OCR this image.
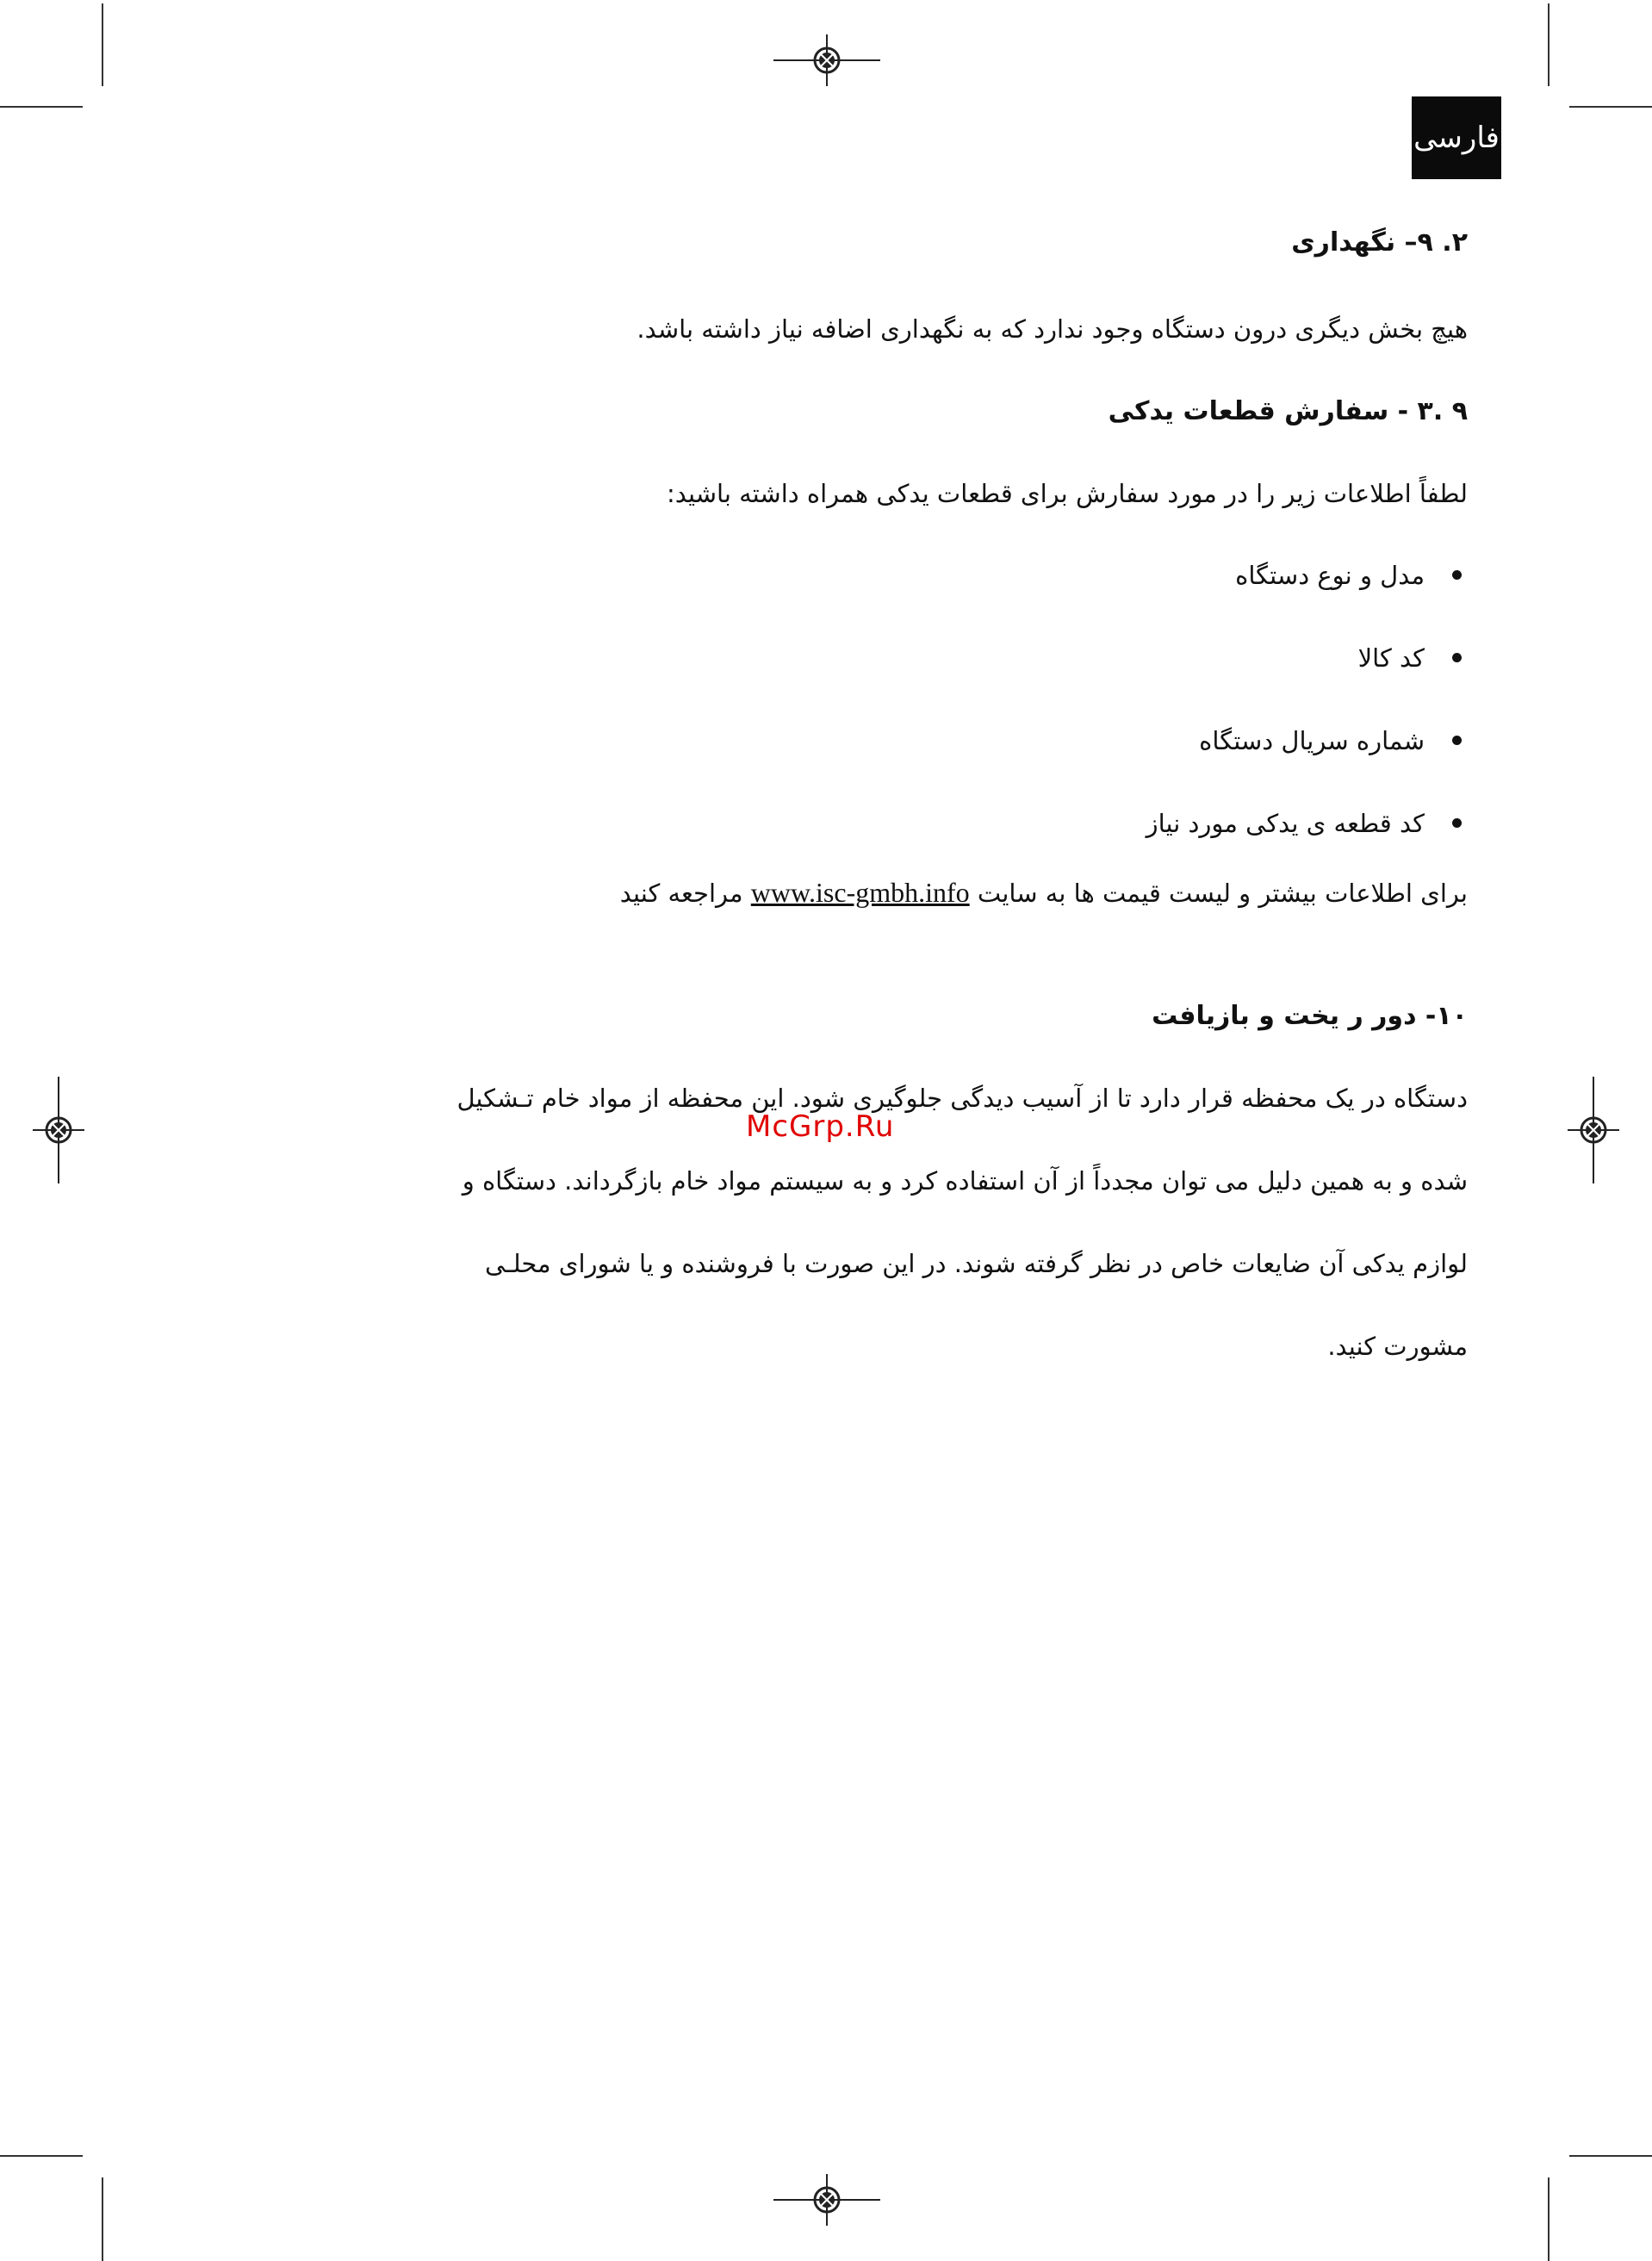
فارسی
۲. ۹– نگهداری
هیچ بخش دیگری درون دستگاه وجود ندارد که به نگهداری اضافه نیاز داشته باشد.
۹ .۳ - سفارش قطعات یدکی
لطفاً اطلاعات زیر را در مورد سفارش برای قطعات یدکی همراه داشته باشید:
مدل و نوع دستگاه
کد کالا
شماره سریال دستگاه
کد قطعه ی یدکی مورد نیاز
برای اطلاعات بیشتر و لیست قیمت ها به سایت www.isc-gmbh.info مراجعه کنید
۱۰- دور ر یخت و بازیافت
دستگاه در یک محفظه قرار دارد تا از آسیب دیدگی جلوگیری شود. این محفظه از مواد خام تـشکیل
شده و به همین دلیل می توان مجدداً از آن استفاده کرد و به سیستم مواد خام بازگرداند. دستگاه و
لوازم یدکی آن ضایعات خاص در نظر گرفته شوند. در این صورت با فروشنده و یا شورای محلـی
مشورت کنید.
McGrp.Ru
